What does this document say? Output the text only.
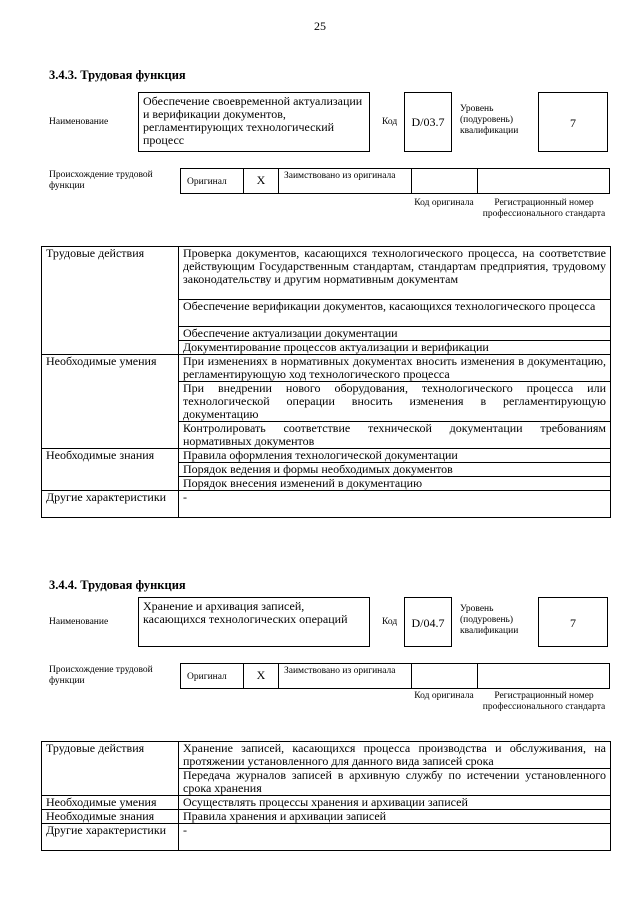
25
3.4.3. Трудовая функция
Наименование
Обеспечение своевременной актуализации и верификации документов, регламентирующих технологический процесс
Код	D/03.7
Уровень (подуровень) квалификации
7
Происхождение трудовой функции	Оригинал	X	Заимствовано из оригинала
Код оригинала	Регистрационный номер профессионального стандарта
Трудовые действия	Проверка документов, касающихся технологического процесса, на соответствие действующим Государственным стандартам, стандартам предприятия, трудовому законодательству и другим нормативным документам
	Обеспечение верификации документов, касающихся технологического процесса
	Обеспечение актуализации документации
	Документирование процессов актуализации и верификации
Необходимые умения	При изменениях в нормативных документах вносить изменения в документацию, регламентирующую ход технологического процесса
	При внедрении нового оборудования, технологического процесса или технологической операции вносить изменения в регламентирующую документацию
	Контролировать соответствие технической документации требованиям нормативных документов
Необходимые знания	Правила оформления технологической документации
	Порядок ведения и формы необходимых документов
	Порядок внесения изменений в документацию
Другие характеристики	-
3.4.4. Трудовая функция
Наименование
Хранение и архивация записей, касающихся технологических операций	Код	D/04.7
Уровень (подуровень) квалификации
7
Происхождение трудовой функции	Оригинал	X	Заимствовано из оригинала
Код оригинала	Регистрационный номер профессионального стандарта
Трудовые действия	Хранение записей, касающихся процесса производства и обслуживания, на протяжении установленного для данного вида записей срока
	Передача журналов записей в архивную службу по истечении установленного срока хранения
Необходимые умения	Осуществлять процессы хранения и архивации записей
Необходимые знания	Правила хранения и архивации записей
Другие характеристики	-
